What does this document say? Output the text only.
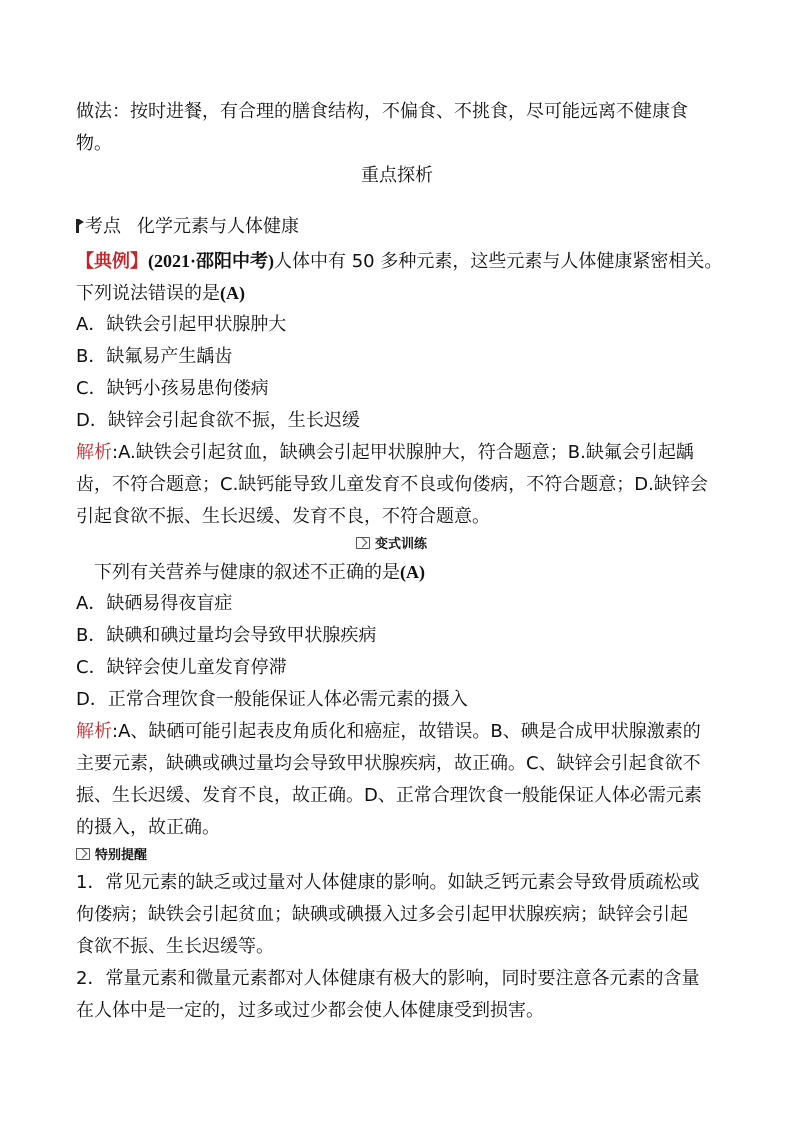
做法：按时进餐，有合理的膳食结构，不偏食、不挑食，尽可能远离不健康食
物。
重点探析
考点 化学元素与人体健康
【典例】(2021·邵阳中考)人体中有 50 多种元素，这些元素与人体健康紧密相关。
下列说法错误的是(A)
A．缺铁会引起甲状腺肿大
B．缺氟易产生龋齿
C．缺钙小孩易患佝偻病
D．缺锌会引起食欲不振，生长迟缓
解析:A.缺铁会引起贫血，缺碘会引起甲状腺肿大，符合题意；B.缺氟会引起龋
齿，不符合题意；C.缺钙能导致儿童发育不良或佝偻病，不符合题意；D.缺锌会
引起食欲不振、生长迟缓、发育不良，不符合题意。
变式训练
下列有关营养与健康的叙述不正确的是(A)
A．缺硒易得夜盲症
B．缺碘和碘过量均会导致甲状腺疾病
C．缺锌会使儿童发育停滞
D．正常合理饮食一般能保证人体必需元素的摄入
解析:A、缺硒可能引起表皮角质化和癌症，故错误。B、碘是合成甲状腺激素的
主要元素，缺碘或碘过量均会导致甲状腺疾病，故正确。C、缺锌会引起食欲不
振、生长迟缓、发育不良，故正确。D、正常合理饮食一般能保证人体必需元素
的摄入，故正确。
特别提醒
1．常见元素的缺乏或过量对人体健康的影响。如缺乏钙元素会导致骨质疏松或
佝偻病；缺铁会引起贫血；缺碘或碘摄入过多会引起甲状腺疾病；缺锌会引起
食欲不振、生长迟缓等。
2．常量元素和微量元素都对人体健康有极大的影响，同时要注意各元素的含量
在人体中是一定的，过多或过少都会使人体健康受到损害。
